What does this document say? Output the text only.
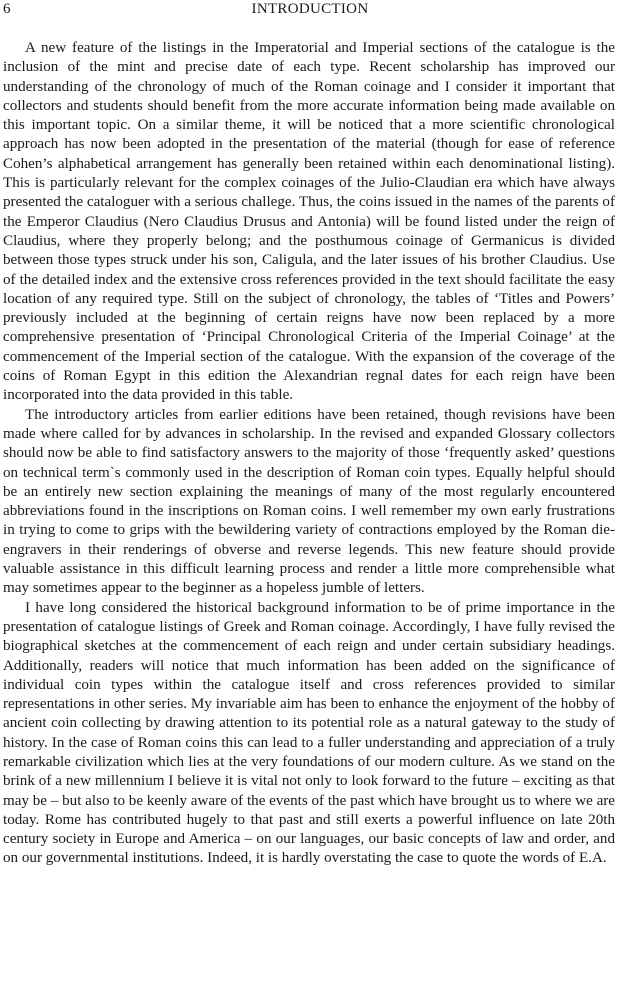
6	INTRODUCTION

A new feature of the listings in the Imperatorial and Imperial sections of the catalogue is the inclusion of the mint and precise date of each type. Recent scholarship has improved our understanding of the chronology of much of the Roman coinage and I consider it important that collectors and students should benefit from the more accurate information being made available on this important topic. On a similar theme, it will be noticed that a more scientific chronological approach has now been adopted in the presentation of the material (though for ease of reference Cohen’s alphabetical arrangement has generally been retained within each denominational listing). This is particularly relevant for the complex coinages of the Julio-Claudian era which have always presented the cataloguer with a serious challege. Thus, the coins issued in the names of the parents of the Emperor Claudius (Nero Claudius Drusus and Antonia) will be found listed under the reign of Claudius, where they properly belong; and the posthumous coinage of Germanicus is divided between those types struck under his son, Caligula, and the later issues of his brother Claudius. Use of the detailed index and the extensive cross references provided in the text should facilitate the easy location of any required type. Still on the subject of chronology, the tables of ‘Titles and Powers’ previously included at the beginning of certain reigns have now been replaced by a more comprehensive presentation of ‘Principal Chronological Criteria of the Imperial Coinage’ at the commencement of the Imperial section of the catalogue. With the expansion of the coverage of the coins of Roman Egypt in this edition the Alexandrian regnal dates for each reign have been incorporated into the data provided in this table.

The introductory articles from earlier editions have been retained, though revisions have been made where called for by advances in scholarship. In the revised and expanded Glossary collectors should now be able to find satisfactory answers to the majority of those ‘frequently asked’ questions on technical term`s commonly used in the description of Roman coin types. Equally helpful should be an entirely new section explaining the meanings of many of the most regularly encountered abbreviations found in the inscriptions on Roman coins. I well remember my own early frustrations in trying to come to grips with the bewildering variety of contractions employed by the Roman die-engravers in their renderings of obverse and reverse legends. This new feature should provide valuable assistance in this difficult learning process and render a little more comprehensible what may sometimes appear to the beginner as a hopeless jumble of letters.

I have long considered the historical background information to be of prime importance in the presentation of catalogue listings of Greek and Roman coinage. Accordingly, I have fully revised the biographical sketches at the commencement of each reign and under certain subsidiary headings. Additionally, readers will notice that much information has been added on the significance of individual coin types within the catalogue itself and cross references provided to similar representations in other series. My invariable aim has been to enhance the enjoyment of the hobby of ancient coin collecting by drawing attention to its potential role as a natural gateway to the study of history. In the case of Roman coins this can lead to a fuller understanding and appreciation of a truly remarkable civilization which lies at the very foundations of our modern culture. As we stand on the brink of a new millennium I believe it is vital not only to look forward to the future – exciting as that may be – but also to be keenly aware of the events of the past which have brought us to where we are today. Rome has contributed hugely to that past and still exerts a powerful influence on late 20th century society in Europe and America – on our languages, our basic concepts of law and order, and on our governmental institutions. Indeed, it is hardly overstating the case to quote the words of E.A.
